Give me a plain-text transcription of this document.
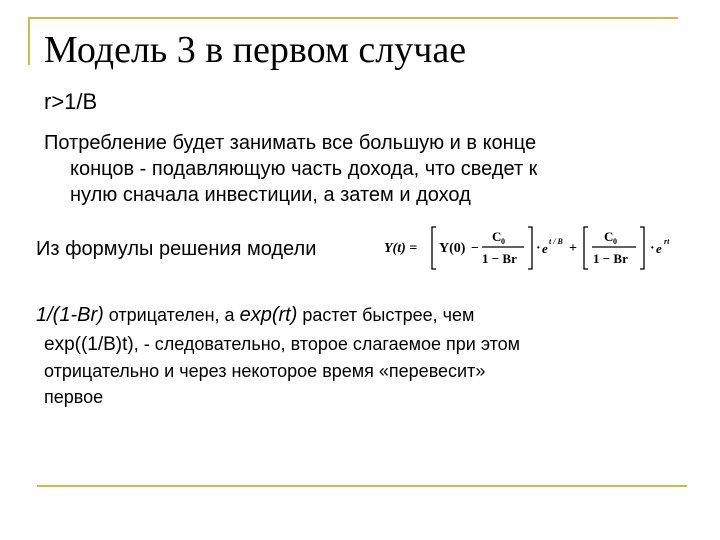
Модель 3 в первом случае
r>1/B
Потребление будет занимать все большую и в конце
концов - подавляющую часть дохода, что сведет к
нулю сначала инвестиции, а затем и доход
Из формулы решения модели	Y(t) = Y(0) −
C 0
1 − Br
· e t / B +
C 0
1 − Br
· e rt
1/(1-Br) отрицателен, а exp(rt) растет быстрее, чем
exp((1/B)t), - следовательно, второе слагаемое при этом
отрицательно и через некоторое время «перевесит»
первое
